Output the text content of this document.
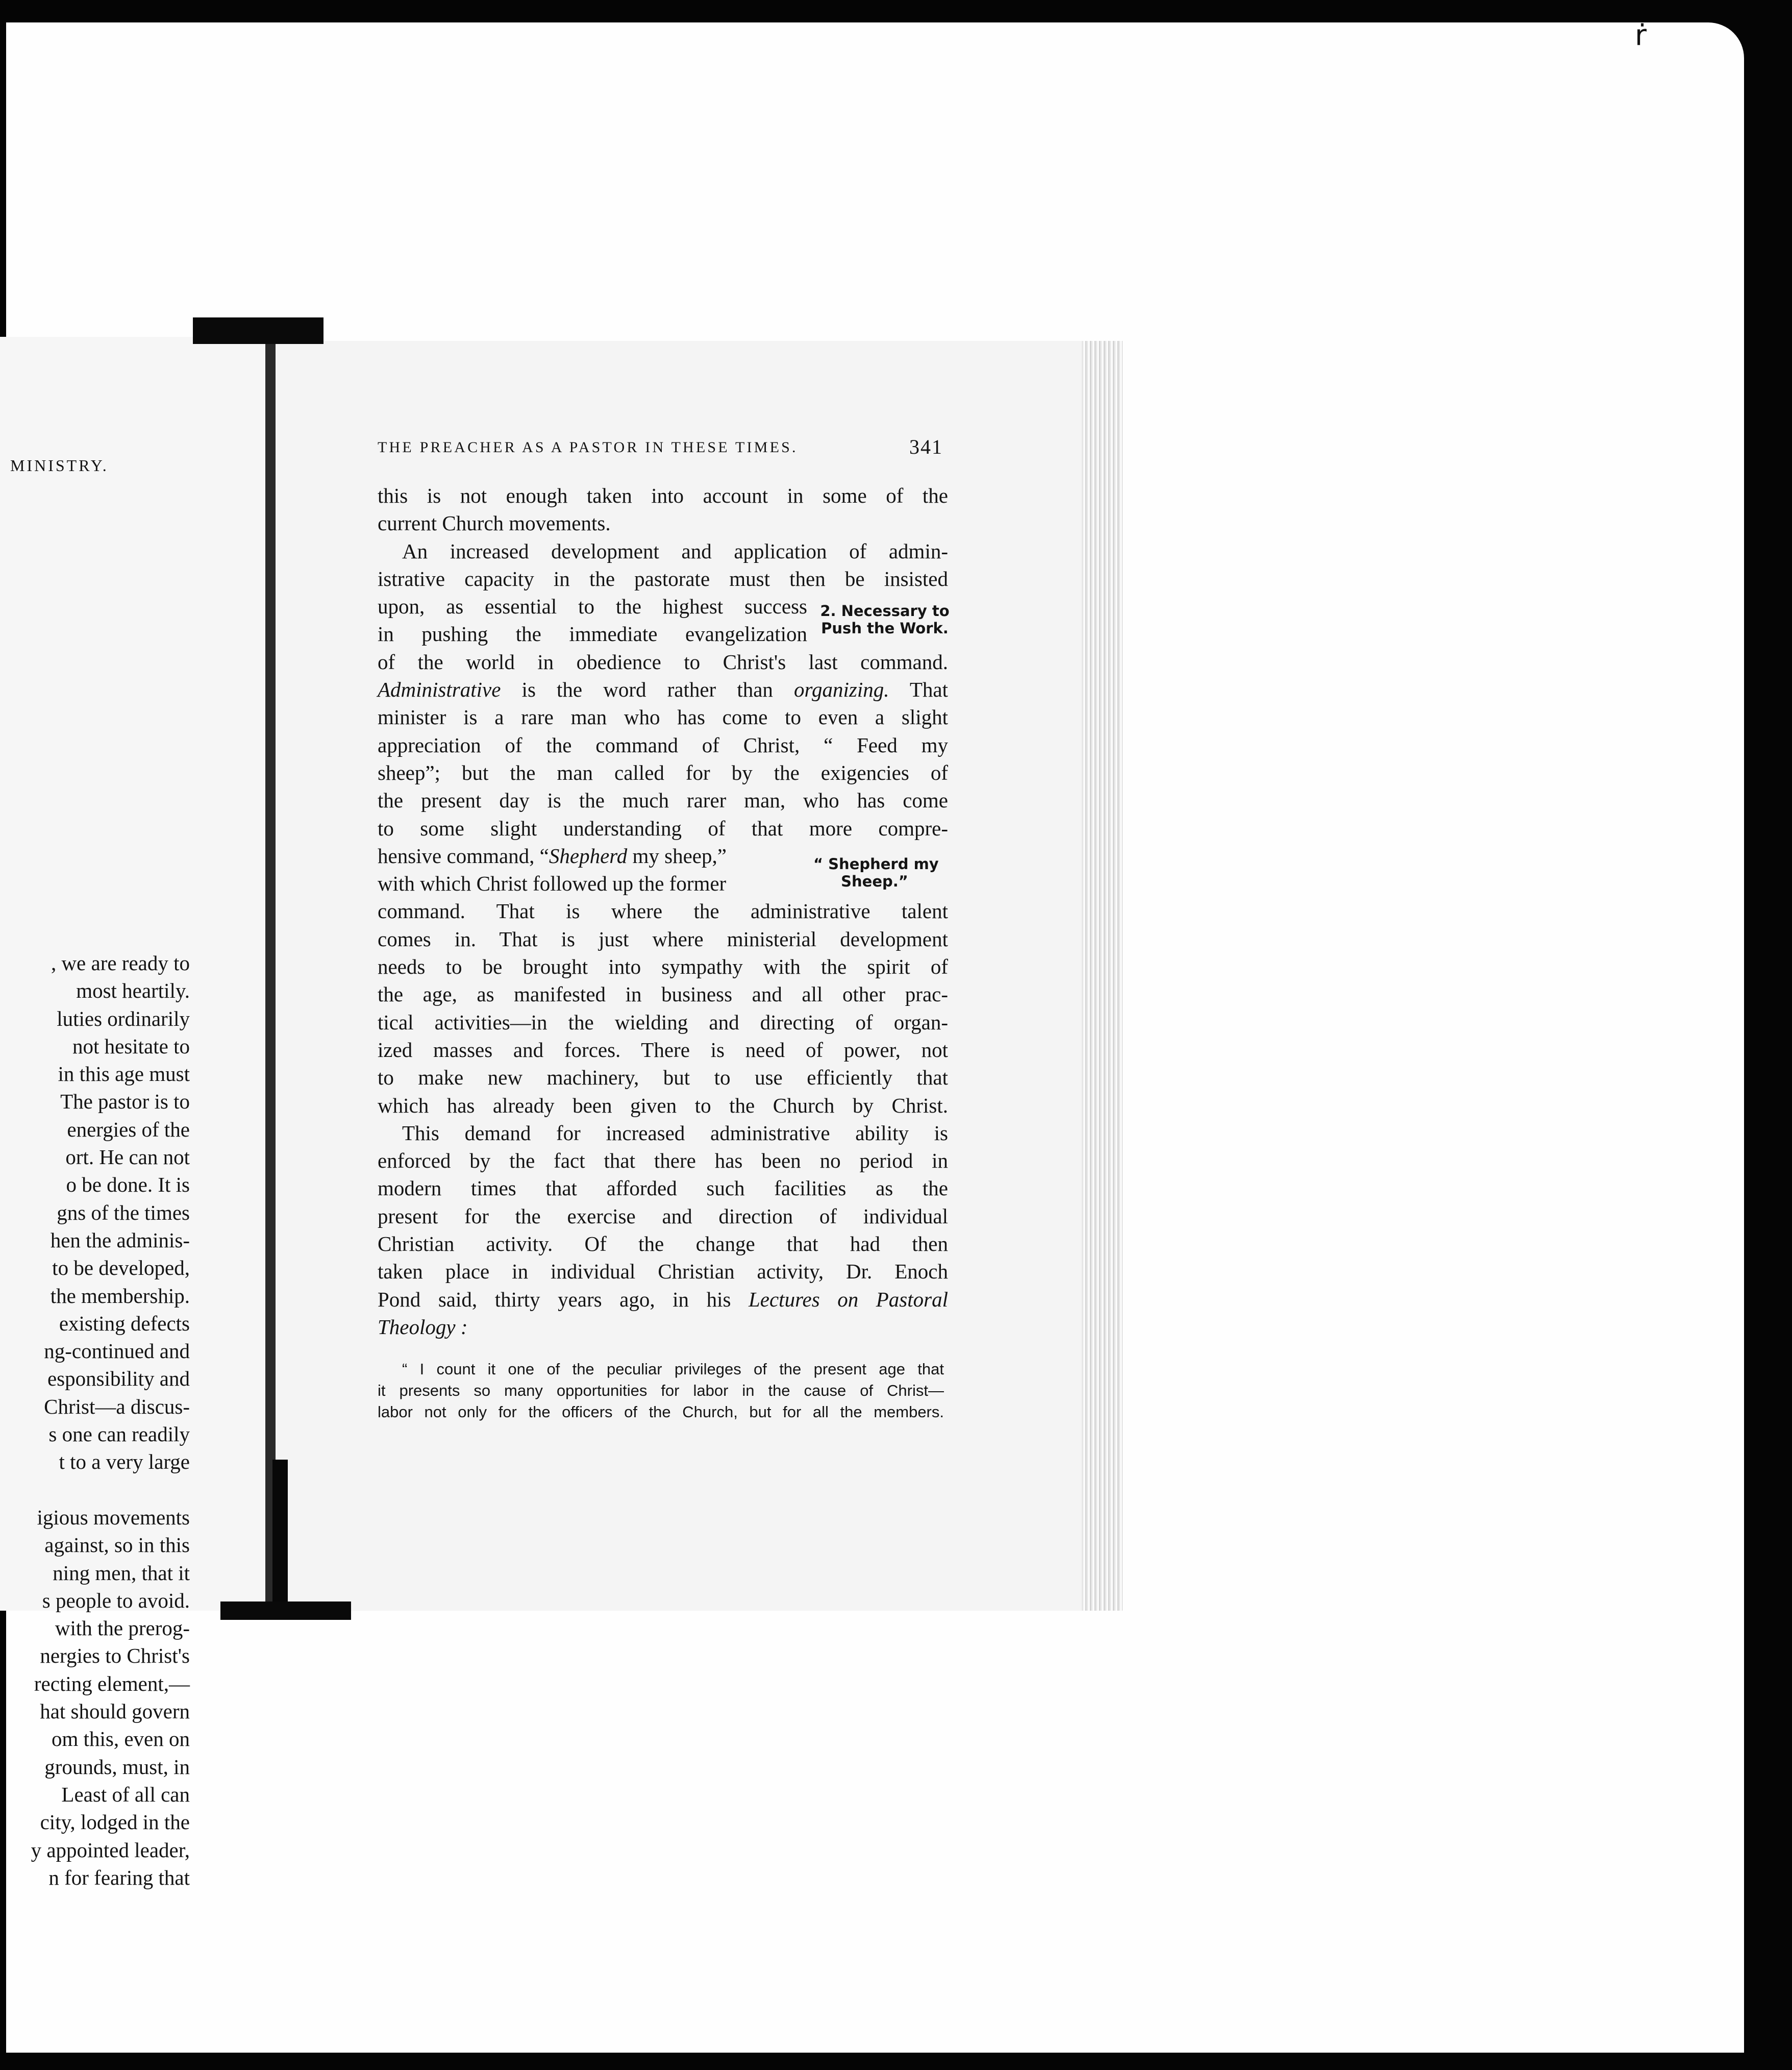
ṙ
MINISTRY.
, we are ready to
most heartily.
luties ordinarily
not hesitate to
in this age must
The pastor is to
energies of the
ort. He can not
o be done. It is
gns of the times
hen the adminis-
to be developed,
the membership.
existing defects
ng-continued and
esponsibility and
Christ—a discus-
s one can readily
t to a very large
igious movements
against, so in this
ning men, that it
s people to avoid.
with the prerog-
nergies to Christ's
recting element,—
hat should govern
om this, even on
grounds, must, in
Least of all can
city, lodged in the
y appointed leader,
n for fearing that
THE PREACHER AS A PASTOR IN THESE TIMES.	341
this is not enough taken into account in some of the
current Church movements.
An increased development and application of admin-
istrative capacity in the pastorate must then be insisted
upon, as essential to the highest success
in pushing the immediate evangelization
of the world in obedience to Christ's last command.
Administrative is the word rather than organizing. That
minister is a rare man who has come to even a slight
appreciation of the command of Christ, “ Feed my
sheep”; but the man called for by the exigencies of
the present day is the much rarer man, who has come
to some slight understanding of that more compre-
hensive command, “Shepherd my sheep,”
with which Christ followed up the former
command. That is where the administrative talent
comes in. That is just where ministerial development
needs to be brought into sympathy with the spirit of
the age, as manifested in business and all other prac-
tical activities—in the wielding and directing of organ-
ized masses and forces. There is need of power, not
to make new machinery, but to use efficiently that
which has already been given to the Church by Christ.
This demand for increased administrative ability is
enforced by the fact that there has been no period in
modern times that afforded such facilities as the
present for the exercise and direction of individual
Christian activity. Of the change that had then
taken place in individual Christian activity, Dr. Enoch
Pond said, thirty years ago, in his Lectures on Pastoral
Theology :
2. Necessary to
Push the Work.
“ Shepherd my
Sheep.”
“ I count it one of the peculiar privileges of the present age that
it presents so many opportunities for labor in the cause of Christ—
labor not only for the officers of the Church, but for all the members.
